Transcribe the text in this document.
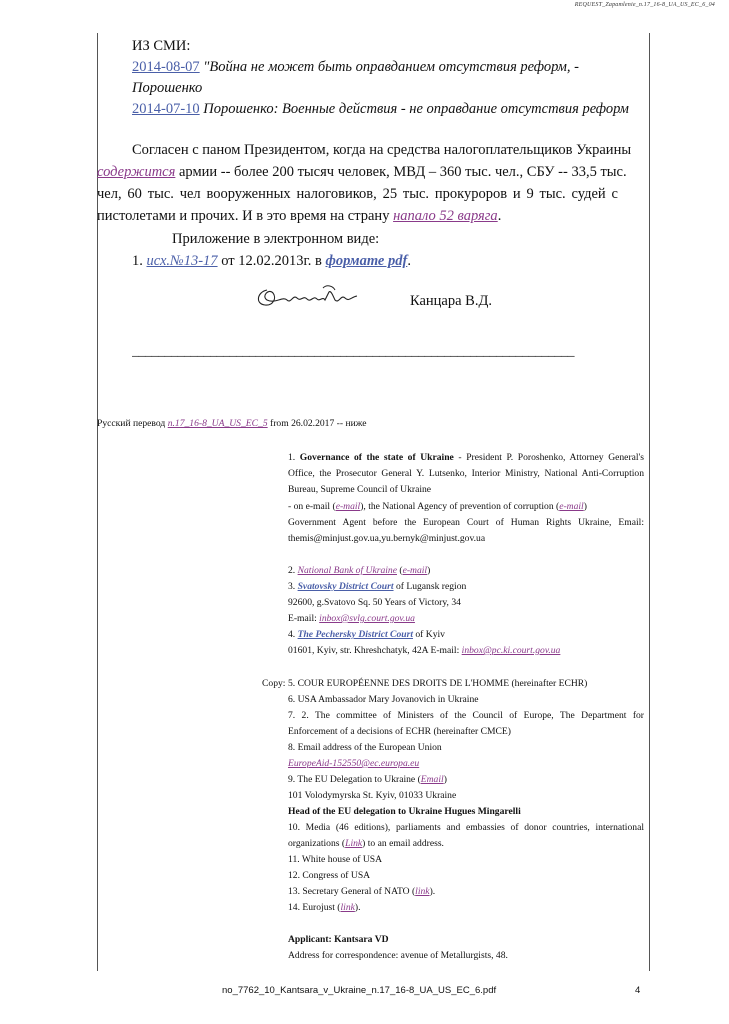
REQUEST_Zapamlenie_n.17_16-8_UA_US_EC_6_04
ИЗ СМИ:
2014-08-07 "Война не может быть оправданием отсутствия реформ, -
Порошенко
2014-07-10 Порошенко: Военные действия - не оправдание отсутствия реформ
Согласен с паном Президентом, когда на средства налогоплательщиков Украины
содержится армии -- более 200 тысяч человек, МВД – 360 тыс. чел., СБУ -- 33,5 тыс.
чел, 60 тыс. чел вооруженных налоговиков, 25 тыс. прокуроров и 9 тыс. судей с
пистолетами и прочих. И в это время на страну напало 52 варяга.
Приложение в электронном виде:
1. исх.№13-17 от 12.02.2013г. в формате pdf.
Канцара В.Д.
____________________________________________________________________
Русский перевод n.17_16-8_UA_US_EC_5 from 26.02.2017 -- ниже
1. Governance of the state of Ukraine - President P. Poroshenko, Attorney General's Office, the Prosecutor General Y. Lutsenko, Interior Ministry, National Anti-Corruption Bureau, Supreme Council of Ukraine
- on e-mail (e-mail), the National Agency of prevention of corruption (e-mail)
Government Agent before the European Court of Human Rights Ukraine, Email: themis@minjust.gov.ua,yu.bernyk@minjust.gov.ua
2. National Bank of Ukraine (e-mail)
3. Svatovsky District Court of Lugansk region
92600, g.Svatovo Sq. 50 Years of Victory, 34
E-mail: inbox@svlg.court.gov.ua
4. The Pechersky District Court of Kyiv
01601, Kyiv, str. Khreshchatyk, 42A E-mail: inbox@pc.ki.court.gov.ua
Copy: 5. COUR EUROPÉENNE DES DROITS DE L'HOMME (hereinafter ECHR)
6. USA Ambassador Mary Jovanovich in Ukraine
7. 2. The committee of Ministers of the Council of Europe, The Department for Enforcement of a decisions of ECHR (hereinafter CMCE)
8. Email address of the European Union
EuropeAid-152550@ec.europa.eu
9. The EU Delegation to Ukraine (Email)
101 Volodymyrska St. Kyiv, 01033 Ukraine
Head of the EU delegation to Ukraine Hugues Mingarelli
10. Media (46 editions), parliaments and embassies of donor countries, international organizations (Link) to an email address.
11. White house of USA
12. Congress of USA
13. Secretary General of NATO (link).
14. Eurojust (link).
Applicant: Kantsara VD
Address for correspondence: avenue of Metallurgists, 48.
no_7762_10_Kantsara_v_Ukraine_n.17_16-8_UA_US_EC_6.pdf	4
